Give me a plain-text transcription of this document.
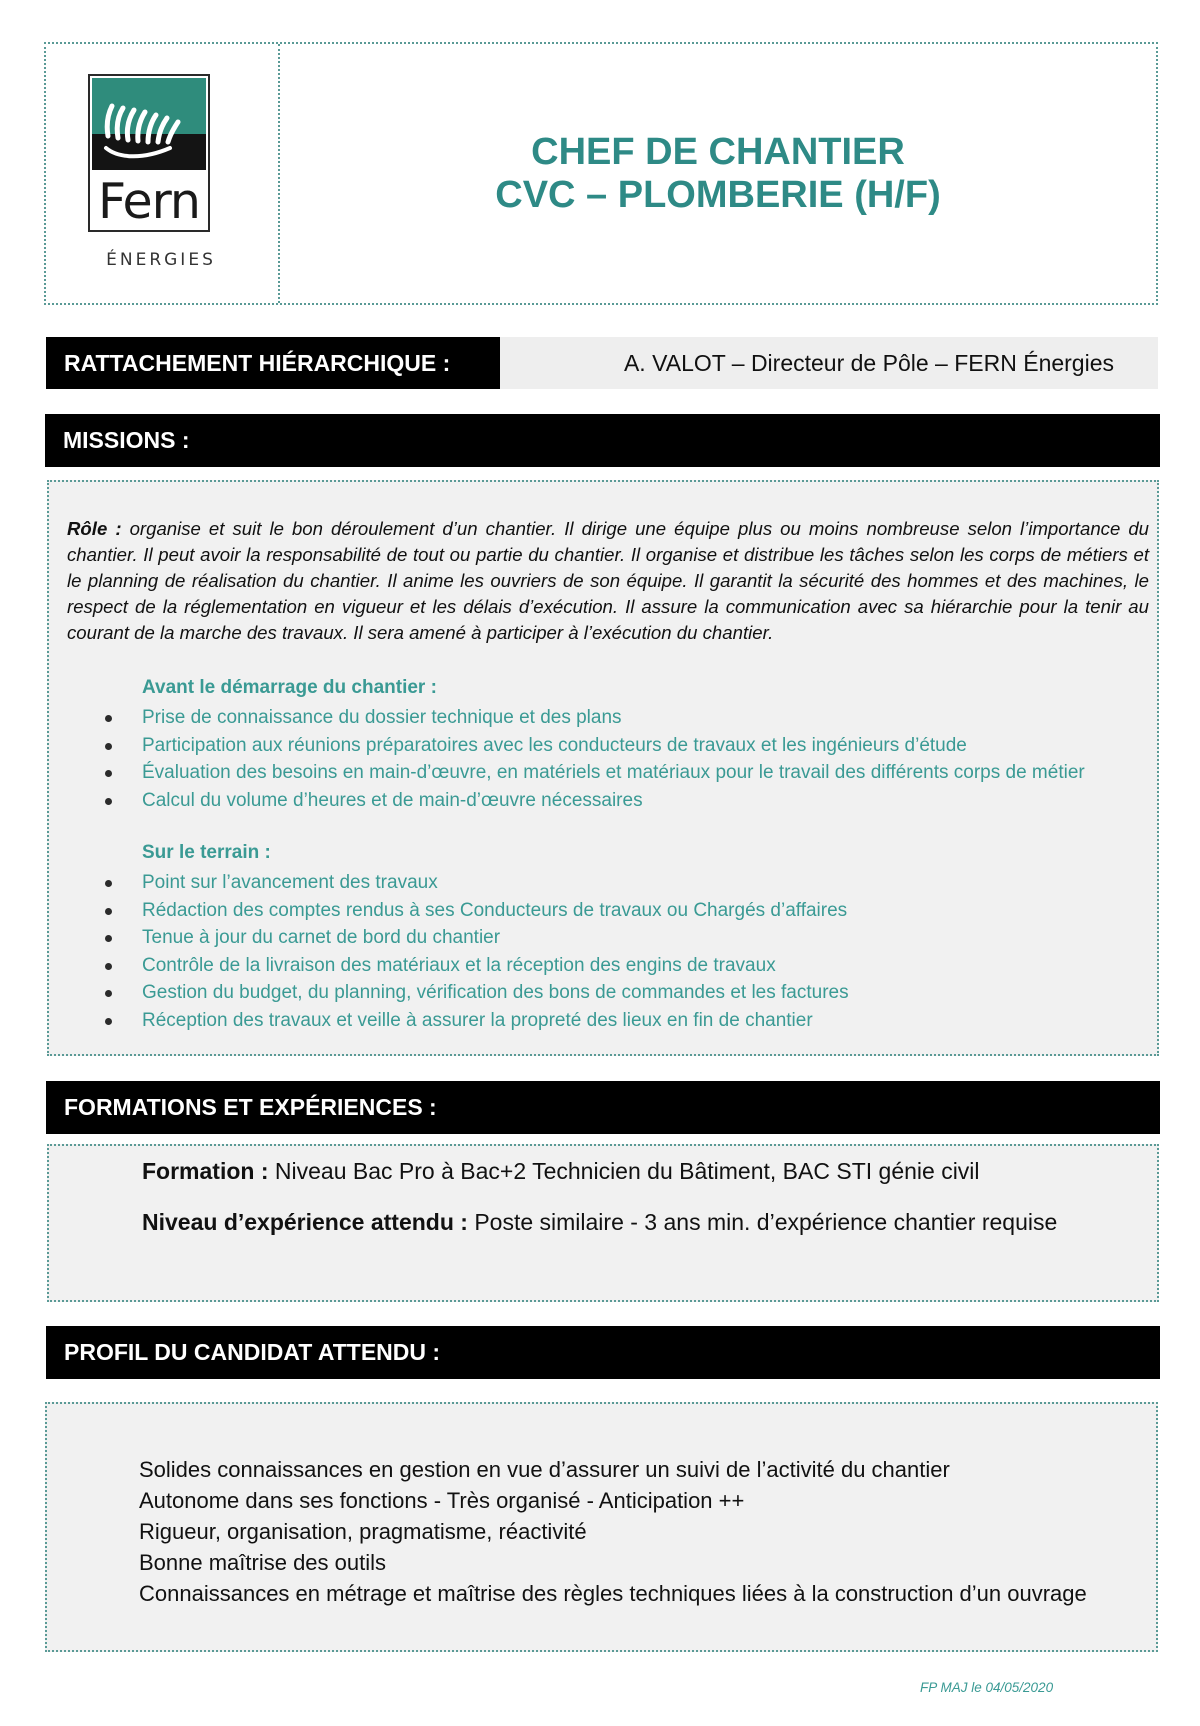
Fern
ÉNERGIES
CHEF DE CHANTIER
CVC – PLOMBERIE (H/F)
RATTACHEMENT HIÉRARCHIQUE :	A. VALOT – Directeur de Pôle – FERN Énergies
MISSIONS :
Rôle : organise et suit le bon déroulement d’un chantier. Il dirige une équipe plus ou moins nombreuse selon l’importance du chantier. Il peut avoir la responsabilité de tout ou partie du chantier. Il organise et distribue les tâches selon les corps de métiers et le planning de réalisation du chantier. Il anime les ouvriers de son équipe. Il garantit la sécurité des hommes et des machines, le respect de la réglementation en vigueur et les délais d’exécution. Il assure la communication avec sa hiérarchie pour la tenir au courant de la marche des travaux. Il sera amené à participer à l’exécution du chantier.
Avant le démarrage du chantier :
Prise de connaissance du dossier technique et des plans
Participation aux réunions préparatoires avec les conducteurs de travaux et les ingénieurs d’étude
Évaluation des besoins en main-d’œuvre, en matériels et matériaux pour le travail des différents corps de métier
Calcul du volume d’heures et de main-d’œuvre nécessaires
Sur le terrain :
Point sur l’avancement des travaux
Rédaction des comptes rendus à ses Conducteurs de travaux ou Chargés d’affaires
Tenue à jour du carnet de bord du chantier
Contrôle de la livraison des matériaux et la réception des engins de travaux
Gestion du budget, du planning, vérification des bons de commandes et les factures
Réception des travaux et veille à assurer la propreté des lieux en fin de chantier
FORMATIONS ET EXPÉRIENCES :
Formation : Niveau Bac Pro à Bac+2 Technicien du Bâtiment, BAC STI génie civil
Niveau d’expérience attendu : Poste similaire - 3 ans min. d’expérience chantier requise
PROFIL DU CANDIDAT ATTENDU :
Solides connaissances en gestion en vue d’assurer un suivi de l’activité du chantier
Autonome dans ses fonctions - Très organisé - Anticipation ++
Rigueur, organisation, pragmatisme, réactivité
Bonne maîtrise des outils
Connaissances en métrage et maîtrise des règles techniques liées à la construction d’un ouvrage
FP MAJ le 04/05/2020
